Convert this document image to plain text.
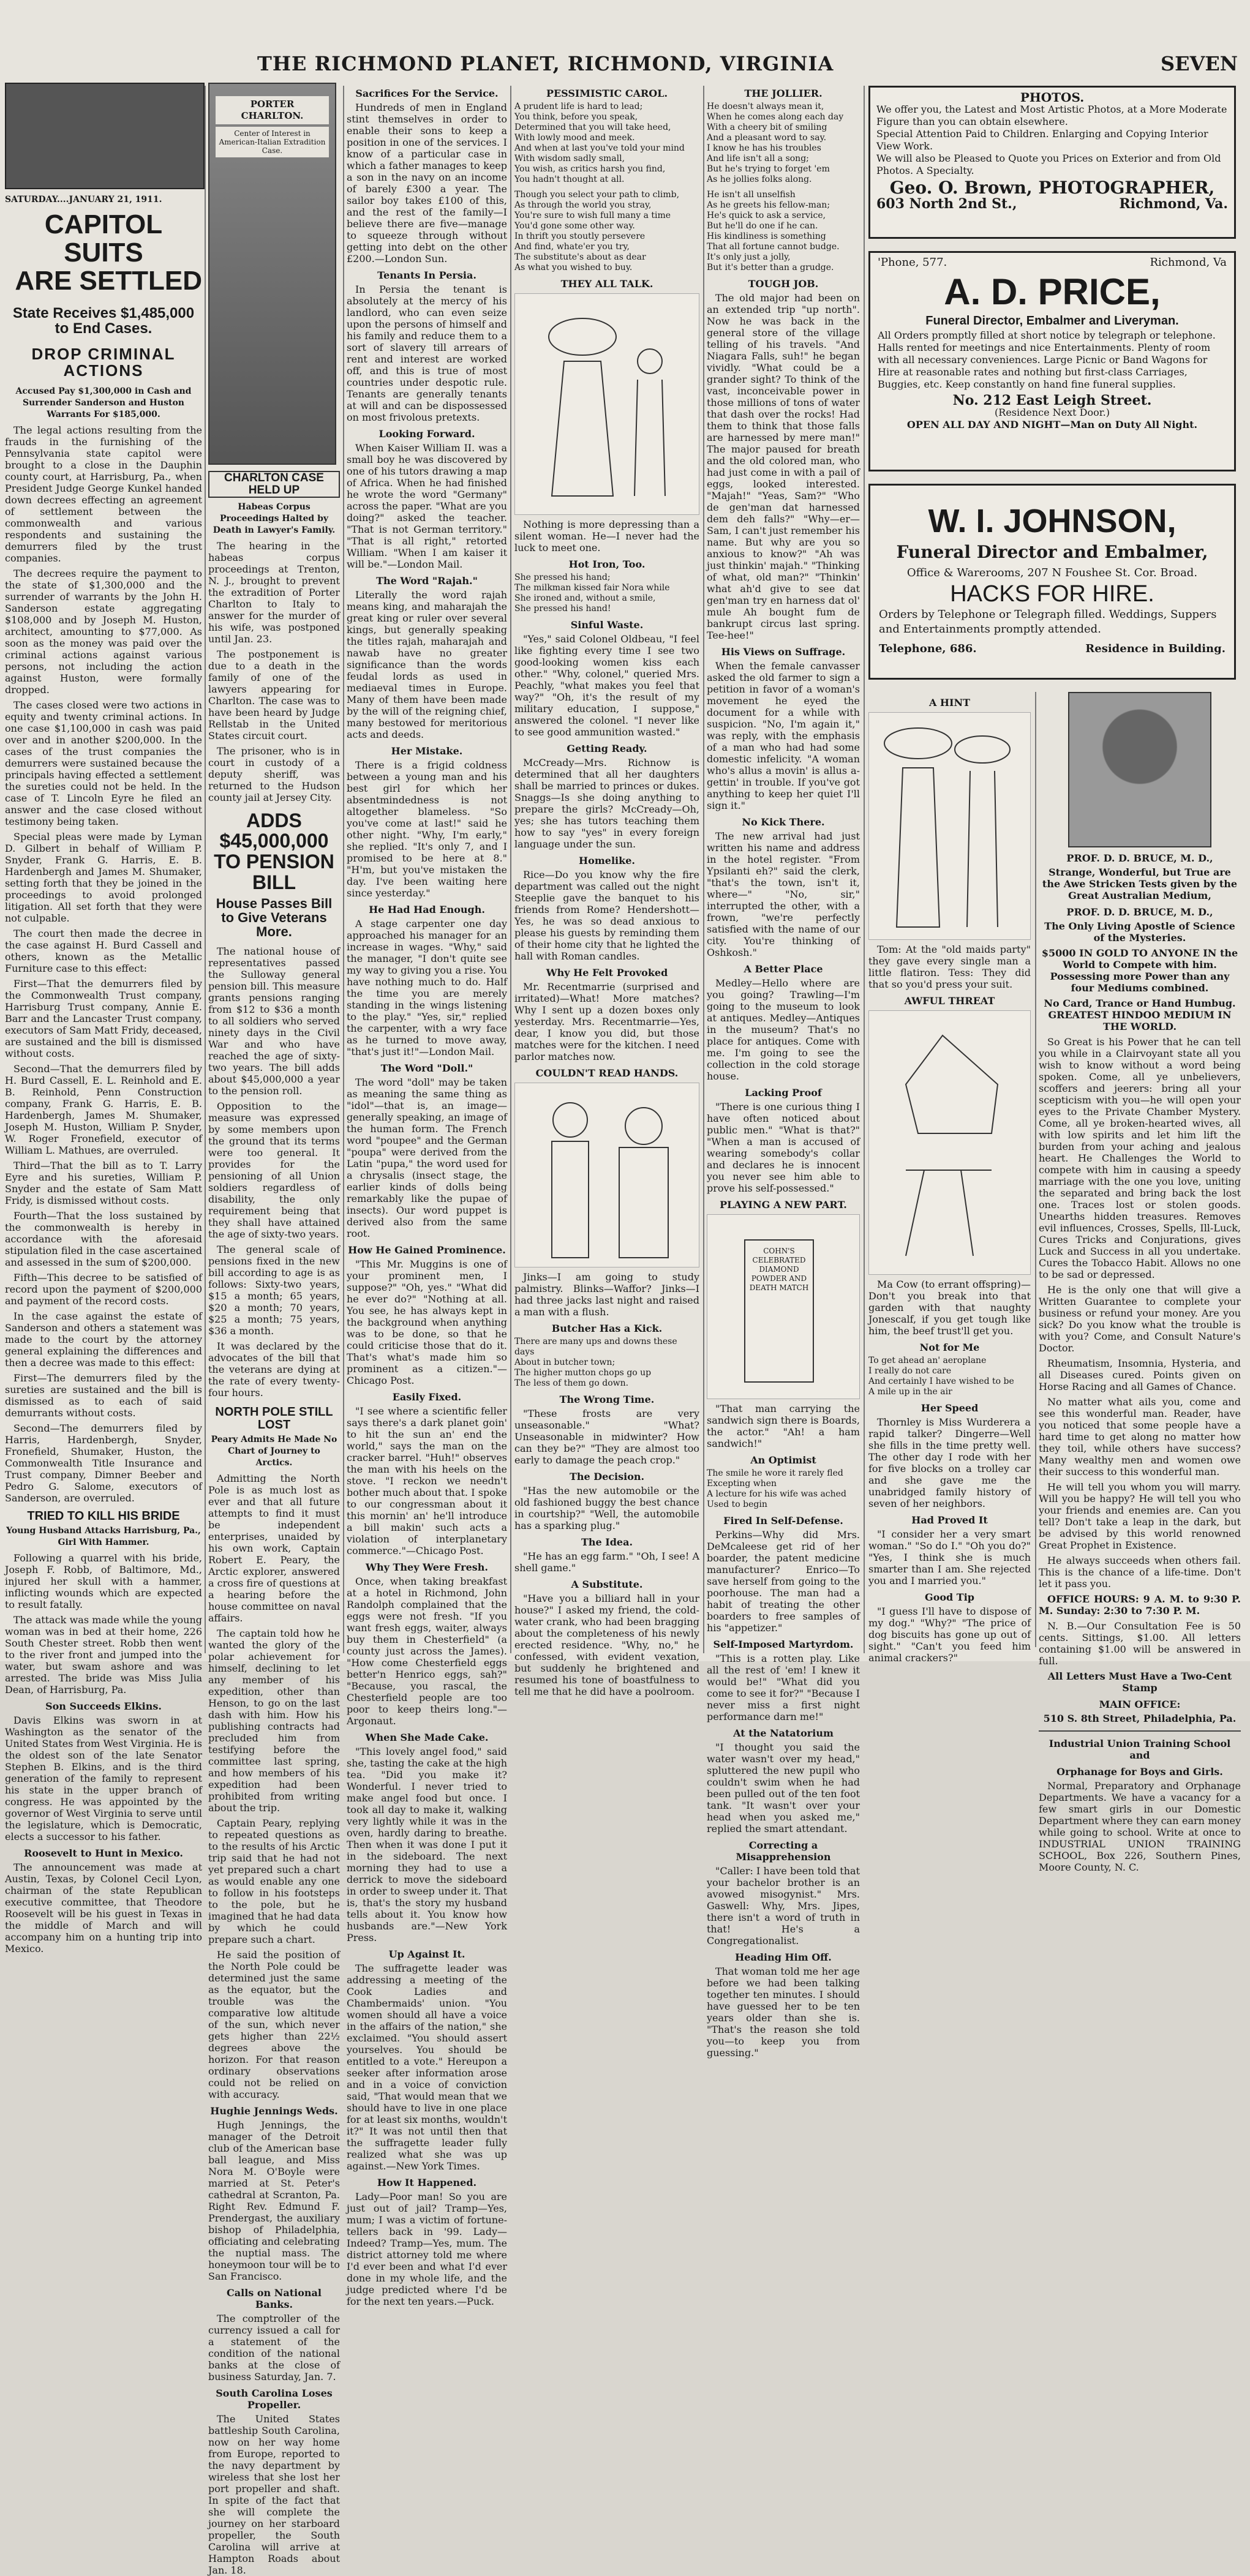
THE RICHMOND PLANET, RICHMOND, VIRGINIA	SEVEN
SATURDAY....JANUARY 21, 1911.
CAPITOL SUITS
ARE SETTLED
State Receives $1,485,000 to End Cases.
DROP CRIMINAL ACTIONS
Accused Pay $1,300,000 in Cash and Surrender Sanderson and Huston Warrants For $185,000.

The legal actions resulting from the frauds in the furnishing of the Pennsylvania state capitol were brought to a close in the Dauphin county court, at Harrisburg, Pa., when President Judge George Kunkel handed down decrees effecting an agreement of settlement between the commonwealth and various respondents and sustaining the demurrers filed by the trust companies.

The decrees require the payment to the state of $1,300,000 and the surrender of warrants by the John H. Sanderson estate aggregating $108,000 and by Joseph M. Huston, architect, amounting to $77,000. As soon as the money was paid over the criminal actions against various persons, not including the action against Huston, were formally dropped.

The cases closed were two actions in equity and twenty criminal actions. In one case $1,100,000 in cash was paid over and in another $200,000. In the cases of the trust companies the demurrers were sustained because the principals having effected a settlement the sureties could not be held. In the case of T. Lincoln Eyre he filed an answer and the case closed without testimony being taken.

Special pleas were made by Lyman D. Gilbert in behalf of William P. Snyder, Frank G. Harris, E. B. Hardenbergh and James M. Shumaker, setting forth that they be joined in the proceedings to avoid prolonged litigation. All set forth that they were not culpable.

The court then made the decree in the case against H. Burd Cassell and others, known as the Metallic Furniture case to this effect:

First—That the demurrers filed by the Commonwealth Trust company, Harrisburg Trust company, Annie E. Barr and the Lancaster Trust company, executors of Sam Matt Fridy, deceased, are sustained and the bill is dismissed without costs.

Second—That the demurrers filed by H. Burd Cassell, E. L. Reinhold and E. B. Reinhold, Penn Construction company, Frank G. Harris, E. B. Hardenbergh, James M. Shumaker, Joseph M. Huston, William P. Snyder, W. Roger Fronefield, executor of William L. Mathues, are overruled.

Third—That the bill as to T. Larry Eyre and his sureties, William P. Snyder and the estate of Sam Matt Fridy, is dismissed without costs.

Fourth—That the loss sustained by the commonwealth is hereby in accordance with the aforesaid stipulation filed in the case ascertained and assessed in the sum of $200,000.

Fifth—This decree to be satisfied of record upon the payment of $200,000 and payment of the record costs.

In the case against the estate of Sanderson and others a statement was made to the court by the attorney general explaining the differences and then a decree was made to this effect:

First—The demurrers filed by the sureties are sustained and the bill is dismissed as to each of said demurrants without costs.

Second—The demurrers filed by Harris, Hardenbergh, Snyder, Fronefield, Shumaker, Huston, the Commonwealth Title Insurance and Trust company, Dimner Beeber and Pedro G. Salome, executors of Sanderson, are overruled.

TRIED TO KILL HIS BRIDE
Young Husband Attacks Harrisburg, Pa., Girl With Hammer.

Following a quarrel with his bride, Joseph F. Robb, of Baltimore, Md., injured her skull with a hammer, inflicting wounds which are expected to result fatally.

The attack was made while the young woman was in bed at their home, 226 South Chester street. Robb then went to the river front and jumped into the water, but swam ashore and was arrested. The bride was Miss Julia Dean, of Harrisburg, Pa.

Son Succeeds Elkins.

Davis Elkins was sworn in at Washington as the senator of the United States from West Virginia. He is the oldest son of the late Senator Stephen B. Elkins, and is the third generation of the family to represent his state in the upper branch of congress. He was appointed by the governor of West Virginia to serve until the legislature, which is Democratic, elects a successor to his father.

Roosevelt to Hunt in Mexico.

The announcement was made at Austin, Texas, by Colonel Cecil Lyon, chairman of the state Republican executive committee, that Theodore Roosevelt will be his guest in Texas in the middle of March and will accompany him on a hunting trip into Mexico.

PORTER CHARLTON.
Center of Interest in American-Italian Extradition Case.
CHARLTON CASE HELD UP
Habeas Corpus Proceedings Halted by Death in Lawyer's Family.

The hearing in the habeas corpus proceedings at Trenton, N. J., brought to prevent the extradition of Porter Charlton to Italy to answer for the murder of his wife, was postponed until Jan. 23.

The postponement is due to a death in the family of one of the lawyers appearing for Charlton. The case was to have been heard by Judge Rellstab in the United States circuit court.

The prisoner, who is in court in custody of a deputy sheriff, was returned to the Hudson county jail at Jersey City.

ADDS $45,000,000 TO PENSION BILL
House Passes Bill to Give Veterans More.

The national house of representatives passed the Sulloway general pension bill. This measure grants pensions ranging from $12 to $36 a month to all soldiers who served ninety days in the Civil War and who have reached the age of sixty-two years. The bill adds about $45,000,000 a year to the pension roll.

Opposition to the measure was expressed by some members upon the ground that its terms were too general. It provides for the pensioning of all Union soldiers regardless of disability, the only requirement being that they shall have attained the age of sixty-two years.

The general scale of pensions fixed in the new bill according to age is as follows: Sixty-two years, $15 a month; 65 years, $20 a month; 70 years, $25 a month; 75 years, $36 a month.

It was declared by the advocates of the bill that the veterans are dying at the rate of every twenty-four hours.

NORTH POLE STILL LOST
Peary Admits He Made No Chart of Journey to Arctics.

Admitting the North Pole is as much lost as ever and that all future attempts to find it must be independent enterprises, unaided by his own work, Captain Robert E. Peary, the Arctic explorer, answered a cross fire of questions at a hearing before the house committee on naval affairs.

The captain told how he wanted the glory of the polar achievement for himself, declining to let any member of his expedition, other than Henson, to go on the last dash with him. How his publishing contracts had precluded him from testifying before the committee last spring, and how members of his expedition had been prohibited from writing about the trip.

Captain Peary, replying to repeated questions as to the results of his Arctic trip said that he had not yet prepared such a chart as would enable any one to follow in his footsteps to the pole, but he imagined that he had data by which he could prepare such a chart.

He said the position of the North Pole could be determined just the same as the equator, but the trouble was the comparative low altitude of the sun, which never gets higher than 22½ degrees above the horizon. For that reason ordinary observations could not be relied on with accuracy.

Hughie Jennings Weds.

Hugh Jennings, the manager of the Detroit club of the American base ball league, and Miss Nora M. O'Boyle were married at St. Peter's cathedral at Scranton, Pa. Right Rev. Edmund F. Prendergast, the auxiliary bishop of Philadelphia, officiating and celebrating the nuptial mass. The honeymoon tour will be to San Francisco.

Calls on National Banks.

The comptroller of the currency issued a call for a statement of the condition of the national banks at the close of business Saturday, Jan. 7.

South Carolina Loses Propeller.

The United States battleship South Carolina, now on her way home from Europe, reported to the navy department by wireless that she lost her port propeller and shaft. In spite of the fact that she will complete the journey on her starboard propeller, the South Carolina will arrive at Hampton Roads about Jan. 18.

Sacrifices For the Service.

Hundreds of men in England stint themselves in order to enable their sons to keep a position in one of the services. I know of a particular case in which a father manages to keep a son in the navy on an income of barely £300 a year. The sailor boy takes £100 of this, and the rest of the family—I believe there are five—manage to squeeze through without getting into debt on the other £200.—London Sun.

Tenants In Persia.

In Persia the tenant is absolutely at the mercy of his landlord, who can even seize upon the persons of himself and his family and reduce them to a sort of slavery till arrears of rent and interest are worked off, and this is true of most countries under despotic rule. Tenants are generally tenants at will and can be dispossessed on most frivolous pretexts.

Looking Forward.

When Kaiser William II. was a small boy he was discovered by one of his tutors drawing a map of Africa. When he had finished he wrote the word "Germany" across the paper. "What are you doing?" asked the teacher. "That is not German territory." "That is all right," retorted William. "When I am kaiser it will be."—London Mail.

The Word "Rajah."

Literally the word rajah means king, and maharajah the great king or ruler over several kings, but generally speaking the titles rajah, maharajah and nawab have no greater significance than the words feudal lords as used in mediaeval times in Europe. Many of them have been made by the will of the reigning chief, many bestowed for meritorious acts and deeds.

Her Mistake.

There is a frigid coldness between a young man and his best girl for which her absentmindedness is not altogether blameless. "So you've come at last!" said he other night. "Why, I'm early," she replied. "It's only 7, and I promised to be here at 8." "H'm, but you've mistaken the day. I've been waiting here since yesterday."

He Had Had Enough.

A stage carpenter one day approached his manager for an increase in wages. "Why," said the manager, "I don't quite see my way to giving you a rise. You have nothing much to do. Half the time you are merely standing in the wings listening to the play." "Yes, sir," replied the carpenter, with a wry face as he turned to move away, "that's just it!"—London Mail.

The Word "Doll."

The word "doll" may be taken as meaning the same thing as "idol"—that is, an image—generally speaking, an image of the human form. The French word "poupee" and the German "poupa" were derived from the Latin "pupa," the word used for a chrysalis (insect stage, the earlier kinds of dolls being remarkably like the pupae of insects). Our word puppet is derived also from the same root.

How He Gained Prominence.

"This Mr. Muggins is one of your prominent men, I suppose?" "Oh, yes." "What did he ever do?" "Nothing at all. You see, he has always kept in the background when anything was to be done, so that he could criticise those that do it. That's what's made him so prominent as a citizen."—Chicago Post.

Easily Fixed.

"I see where a scientific feller says there's a dark planet goin' to hit the sun an' end the world," says the man on the cracker barrel. "Huh!" observes the man with his heels on the stove. "I reckon we needn't bother much about that. I spoke to our congressman about it this mornin' an' he'll introduce a bill makin' such acts a violation of interplanetary commerce."—Chicago Post.

Why They Were Fresh.

Once, when taking breakfast at a hotel in Richmond, John Randolph complained that the eggs were not fresh. "If you want fresh eggs, waiter, always buy them in Chesterfield" (a county just across the James). "How come Chesterfield eggs better'n Henrico eggs, sah?" "Because, you rascal, the Chesterfield people are too poor to keep theirs long."—Argonaut.

When She Made Cake.

"This lovely angel food," said she, tasting the cake at the high tea. "Did you make it? Wonderful. I never tried to make angel food but once. I took all day to make it, walking very lightly while it was in the oven, hardly daring to breathe. Then when it was done I put it in the sideboard. The next morning they had to use a derrick to move the sideboard in order to sweep under it. That is, that's the story my husband tells about it. You know how husbands are."—New York Press.

Up Against It.

The suffragette leader was addressing a meeting of the Cook Ladies and Chambermaids' union. "You women should all have a voice in the affairs of the nation," she exclaimed. "You should assert yourselves. You should be entitled to a vote." Hereupon a seeker after information arose and in a voice of conviction said, "That would mean that we should have to live in one place for at least six months, wouldn't it?" It was not until then that the suffragette leader fully realized what she was up against.—New York Times.

How It Happened.

Lady—Poor man! So you are just out of jail? Tramp—Yes, mum; I was a victim of fortune-tellers back in '99. Lady—Indeed? Tramp—Yes, mum. The district attorney told me where I'd ever been and what I'd ever done in my whole life, and the judge predicted where I'd be for the next ten years.—Puck.

PESSIMISTIC CAROL.

A prudent life is hard to lead;

You think, before you speak,

Determined that you will take heed,

With lowly mood and meek.

And when at last you've told your mind

With wisdom sadly small,

You wish, as critics harsh you find,

You hadn't thought at all.

Though you select your path to climb,

As through the world you stray,

You're sure to wish full many a time

You'd gone some other way.

In thrift you stoutly persevere

And find, whate'er you try,

The substitute's about as dear

As what you wished to buy.

THEY ALL TALK.

Nothing is more depressing than a silent woman. He—I never had the luck to meet one.

Hot Iron, Too.

She pressed his hand;

The milkman kissed fair Nora while

She ironed and, without a smile,

She pressed his hand!

Sinful Waste.

"Yes," said Colonel Oldbeau, "I feel like fighting every time I see two good-looking women kiss each other." "Why, colonel," queried Mrs. Peachly, "what makes you feel that way?" "Oh, it's the result of my military education, I suppose," answered the colonel. "I never like to see good ammunition wasted."

Getting Ready.

McCready—Mrs. Richnow is determined that all her daughters shall be married to princes or dukes. Snaggs—Is she doing anything to prepare the girls? McCready—Oh, yes; she has tutors teaching them how to say "yes" in every foreign language under the sun.

Homelike.

Rice—Do you know why the fire department was called out the night Steeplie gave the banquet to his friends from Rome? Hendershott—Yes, he was so dead anxious to please his guests by reminding them of their home city that he lighted the hall with Roman candles.

Why He Felt Provoked

Mr. Recentmarrie (surprised and irritated)—What! More matches? Why I sent up a dozen boxes only yesterday. Mrs. Recentmarrie—Yes, dear, I know you did, but those matches were for the kitchen. I need parlor matches now.

COULDN'T READ HANDS.

Jinks—I am going to study palmistry. Blinks—Waffor? Jinks—I had three jacks last night and raised a man with a flush.

Butcher Has a Kick.

There are many ups and downs these days

About in butcher town;

The higher mutton chops go up

The less of them go down.

The Wrong Time.

"These frosts are very unseasonable." "What? Unseasonable in midwinter? How can they be?" "They are almost too early to damage the peach crop."

The Decision.

"Has the new automobile or the old fashioned buggy the best chance in courtship?" "Well, the automobile has a sparking plug."

The Idea.

"He has an egg farm." "Oh, I see! A shell game."

A Substitute.

"Have you a billiard hall in your house?" I asked my friend, the cold-water crank, who had been bragging about the completeness of his newly erected residence. "Why, no," he confessed, with evident vexation, but suddenly he brightened and resumed his tone of boastfulness to tell me that he did have a poolroom.

THE JOLLIER.

He doesn't always mean it,

When he comes along each day

With a cheery bit of smiling

And a pleasant word to say.

I know he has his troubles

And life isn't all a song;

But he's trying to forget 'em

As he jollies folks along.

He isn't all unselfish

As he greets his fellow-man;

He's quick to ask a service,

But he'll do one if he can.

His kindliness is something

That all fortune cannot budge.

It's only just a jolly,

But it's better than a grudge.

TOUGH JOB.

The old major had been on an extended trip "up north". Now he was back in the general store of the village telling of his travels. "And Niagara Falls, suh!" he began vividly. "What could be a grander sight? To think of the vast, inconceivable power in those millions of tons of water that dash over the rocks! Had them to think that those falls are harnessed by mere man!" The major paused for breath and the old colored man, who had just come in with a pail of eggs, looked interested. "Majah!" "Yeas, Sam?" "Who de gen'man dat harnessed dem deh falls?" "Why—er—Sam, I can't just remember his name. But why are you so anxious to know?" "Ah was just thinkin' majah." "Thinking of what, old man?" "Thinkin' what ah'd give to see dat gen'man try en harness dat ol' mule Ah bought fum de bankrupt circus last spring. Tee-hee!"

His Views on Suffrage.

When the female canvasser asked the old farmer to sign a petition in favor of a woman's movement he eyed the document for a while with suspicion. "No, I'm again it," was reply, with the emphasis of a man who had had some domestic infelicity. "A woman who's allus a movin' is allus a-gettin' in trouble. If you've got anything to keep her quiet I'll sign it."

No Kick There.

The new arrival had just written his name and address in the hotel register. "From Ypsilanti eh?" said the clerk, "that's the town, isn't it, where—" "No, sir," interrupted the other, with a frown, "we're perfectly satisfied with the name of our city. You're thinking of Oshkosh."

A Better Place

Medley—Hello where are you going? Trawling—I'm going to the museum to look at antiques. Medley—Antiques in the museum? That's no place for antiques. Come with me. I'm going to see the collection in the cold storage house.

Lacking Proof

"There is one curious thing I have often noticed about public men." "What is that?" "When a man is accused of wearing somebody's collar and declares he is innocent you never see him able to prove his self-possessed."

PLAYING A NEW PART.
COHN'S CELEBRATED DIAMOND POWDER AND DEATH MATCH

"That man carrying the sandwich sign there is Boards, the actor." "Ah! a ham sandwich!"

An Optimist

The smile he wore it rarely fled

Excepting when

A lecture for his wife was ached

Used to begin

Fired In Self-Defense.

Perkins—Why did Mrs. DeMcaleese get rid of her boarder, the patent medicine manufacturer? Enrico—To save herself from going to the poorhouse. The man had a habit of treating the other boarders to free samples of his "appetizer."

Self-Imposed Martyrdom.

"This is a rotten play. Like all the rest of 'em! I knew it would be!" "What did you come to see it for?" "Because I never miss a first night performance darn me!"

At the Natatorium

"I thought you said the water wasn't over my head," spluttered the new pupil who couldn't swim when he had been pulled out of the ten foot tank. "It wasn't over your head when you asked me," replied the smart attendant.

Correcting a Misapprehension

"Caller: I have been told that your bachelor brother is an avowed misogynist." Mrs. Gaswell: Why, Mrs. Jipes, there isn't a word of truth in that! He's a Congregationalist.

Heading Him Off.

That woman told me her age before we had been talking together ten minutes. I should have guessed her to be ten years older than she is. "That's the reason she told you—to keep you from guessing."

PHOTOS.
We offer you, the Latest and Most Artistic Photos, at a More Moderate Figure than you can obtain elsewhere.
Special Attention Paid to Children. Enlarging and Copying Interior View Work.
We will also be Pleased to Quote you Prices on Exterior and from Old Photos. A Specialty.
Geo. O. Brown, PHOTOGRAPHER,
603 North 2nd St.,	Richmond, Va.
'Phone, 577.	Richmond, Va
A. D. PRICE,
Funeral Director, Embalmer and Liveryman.
All Orders promptly filled at short notice by telegraph or telephone. Halls rented for meetings and nice Entertainments. Plenty of room with all necessary conveniences. Large Picnic or Band Wagons for Hire at reasonable rates and nothing but first-class Carriages, Buggies, etc. Keep constantly on hand fine funeral supplies.
No. 212 East Leigh Street.
(Residence Next Door.)
OPEN ALL DAY AND NIGHT—Man on Duty All Night.
W. I. JOHNSON,
Funeral Director and Embalmer,
Office & Warerooms, 207 N Foushee St. Cor. Broad.
HACKS FOR HIRE.
Orders by Telephone or Telegraph filled. Weddings, Suppers and Entertainments promptly attended.
Telephone, 686.	Residence in Building.
A HINT

Tom: At the "old maids party" they gave every single man a little flatiron. Tess: They did that so you'd press your suit.

AWFUL THREAT

Ma Cow (to errant offspring)—Don't you break into that garden with that naughty Jonescalf, if you get tough like him, the beef trust'll get you.

Not for Me

To get ahead an' aeroplane

I really do not care

And certainly I have wished to be

A mile up in the air

Her Speed

Thornley is Miss Wurderera a rapid talker? Dingerre—Well she fills in the time pretty well. The other day I rode with her for five blocks on a trolley car and she gave me the unabridged family history of seven of her neighbors.

Had Proved It

"I consider her a very smart woman." "So do I." "Oh you do?" "Yes, I think she is much smarter than I am. She rejected you and I married you."

Good Tip

"I guess I'll have to dispose of my dog." "Why?" "The price of dog biscuits has gone up out of sight." "Can't you feed him animal crackers?"

PROF. D. D. BRUCE, M. D.,
Strange, Wonderful, but True are the Awe Stricken Tests given by the Great Australian Medium,
PROF. D. D. BRUCE, M. D.,
The Only Living Apostle of Science of the Mysteries.
$5000 IN GOLD TO ANYONE IN the World to Compete with him. Possessing more Power than any four Mediums combined.
No Card, Trance or Hand Humbug. GREATEST HINDOO MEDIUM IN THE WORLD.

So Great is his Power that he can tell you while in a Clairvoyant state all you wish to know without a word being spoken. Come, all ye unbelievers, scoffers and jeerers: bring all your scepticism with you—he will open your eyes to the Private Chamber Mystery. Come, all ye broken-hearted wives, all with low spirits and let him lift the burden from your aching and jealous heart. He Challenges the World to compete with him in causing a speedy marriage with the one you love, uniting the separated and bring back the lost one. Traces lost or stolen goods. Unearths hidden treasures. Removes evil influences, Crosses, Spells, Ill-Luck, Cures Tricks and Conjurations, gives Luck and Success in all you undertake. Cures the Tobacco Habit. Allows no one to be sad or depressed.

He is the only one that will give a Written Guarantee to complete your business or refund your money. Are you sick? Do you know what the trouble is with you? Come, and Consult Nature's Doctor.

Rheumatism, Insomnia, Hysteria, and all Diseases cured. Points given on Horse Racing and all Games of Chance.

No matter what ails you, come and see this wonderful man. Reader, have you noticed that some people have a hard time to get along no matter how they toil, while others have success? Many wealthy men and women owe their success to this wonderful man.

He will tell you whom you will marry. Will you be happy? He will tell you who your friends and enemies are. Can you tell? Don't take a leap in the dark, but be advised by this world renowned Great Prophet in Existence.

He always succeeds when others fail. This is the chance of a life-time. Don't let it pass you.

OFFICE HOURS: 9 A. M. to 9:30 P. M. Sunday: 2:30 to 7:30 P. M.

N. B.—Our Consultation Fee is 50 cents. Sittings, $1.00. All letters containing $1.00 will be answered in full.

All Letters Must Have a Two-Cent Stamp
MAIN OFFICE:
510 S. 8th Street, Philadelphia, Pa.
Industrial Union Training School and
Orphanage for Boys and Girls.

Normal, Preparatory and Orphanage Departments. We have a vacancy for a few smart girls in our Domestic Department where they can earn money while going to school. Write at once to INDUSTRIAL UNION TRAINING SCHOOL, Box 226, Southern Pines, Moore County, N. C.
